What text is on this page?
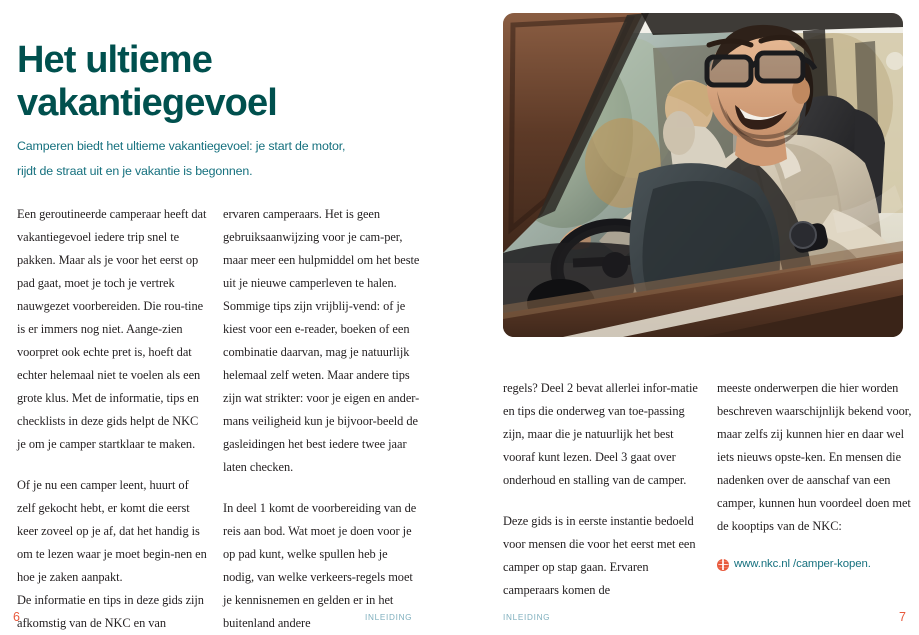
Het ultieme
vakantiegevoel

Camperen biedt het ultieme vakantiegevoel: je start de motor,
rijdt de straat uit en je vakantie is begonnen.

Een geroutineerde camperaar heeft dat vakantiegevoel iedere trip snel te pakken. Maar als je voor het eerst op pad gaat, moet je toch je vertrek nauwgezet voorbereiden. Die rou-tine is er immers nog niet. Aange-zien voorpret ook echte pret is, hoeft dat echter helemaal niet te voelen als een grote klus. Met de informatie, tips en checklists in deze gids helpt de NKC je om je camper startklaar te maken.

Of je nu een camper leent, huurt of zelf gekocht hebt, er komt die eerst keer zoveel op je af, dat het handig is om te lezen waar je moet begin-nen en hoe je zaken aanpakt.
De informatie en tips in deze gids zijn afkomstig van de NKC en van

ervaren camperaars. Het is geen gebruiksaanwijzing voor je cam-per, maar meer een hulpmiddel om het beste uit je nieuwe camperleven te halen. Sommige tips zijn vrijblij-vend: of je kiest voor een e-reader, boeken of een combinatie daarvan, mag je natuurlijk helemaal zelf weten. Maar andere tips zijn wat strikter: voor je eigen en ander-mans veiligheid kun je bijvoor-beeld de gasleidingen het best iedere twee jaar laten checken.

In deel 1 komt de voorbereiding van de reis aan bod. Wat moet je doen voor je op pad kunt, welke spullen heb je nodig, van welke verkeers-regels moet je kennisnemen en gelden er in het buitenland andere

6	INLEIDING

regels? Deel 2 bevat allerlei infor-matie en tips die onderweg van toe-passing zijn, maar die je natuurlijk het best vooraf kunt lezen. Deel 3 gaat over onderhoud en stalling van de camper.

Deze gids is in eerste instantie bedoeld voor mensen die voor het eerst met een camper op stap gaan. Ervaren camperaars komen de

meeste onderwerpen die hier worden beschreven waarschijnlijk bekend voor, maar zelfs zij kunnen hier en daar wel iets nieuws opste-ken. En mensen die nadenken over de aanschaf van een camper, kunnen hun voordeel doen met de kooptips van de NKC:

www.nkc.nl /camper-kopen.
7
INLEIDING
